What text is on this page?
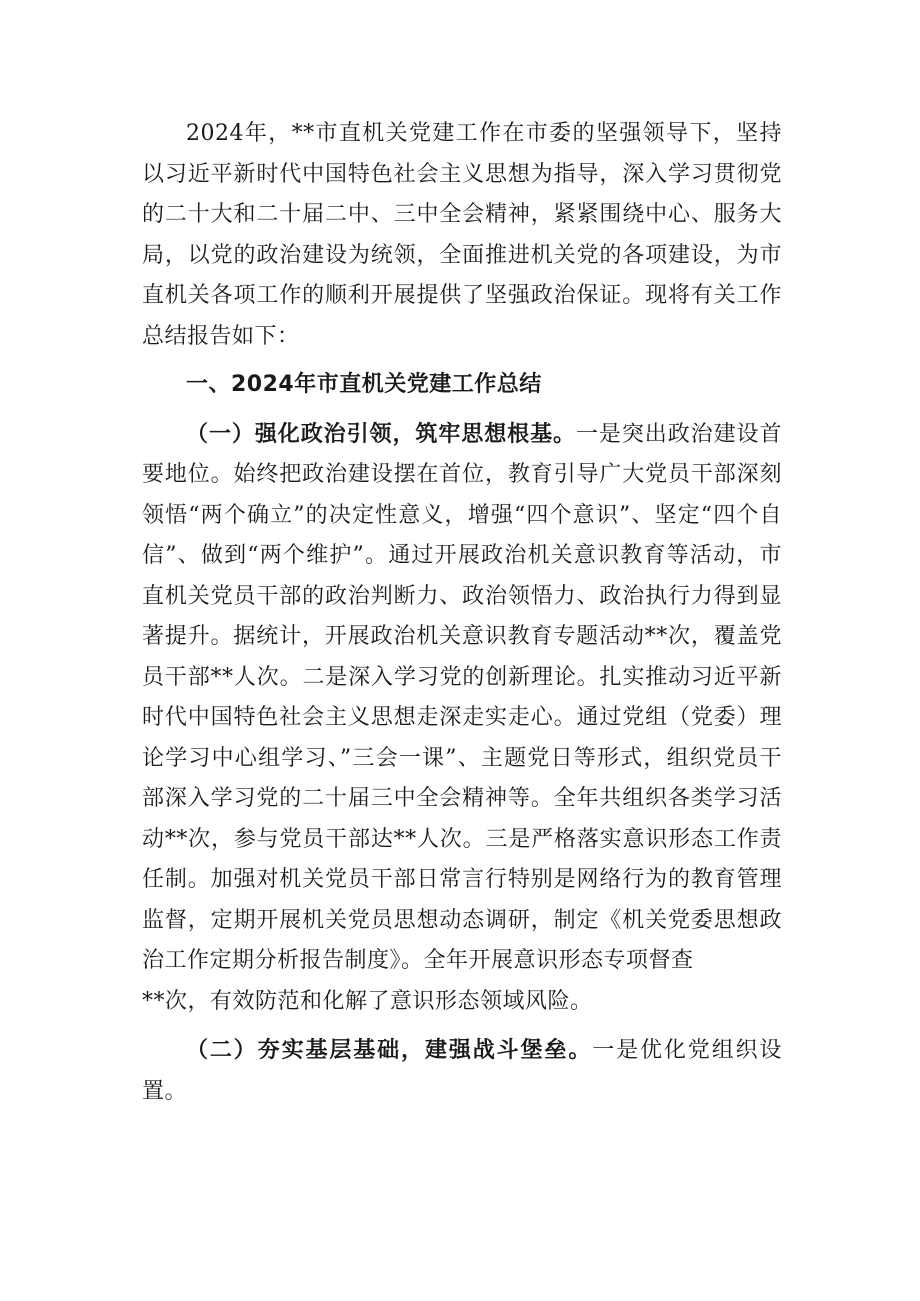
2024年，**市直机关党建工作在市委的坚强领导下，坚持以习近平新时代中国特色社会主义思想为指导，深入学习贯彻党的二十大和二十届二中、三中全会精神，紧紧围绕中心、服务大局，以党的政治建设为统领，全面推进机关党的各项建设，为市直机关各项工作的顺利开展提供了坚强政治保证。现将有关工作总结报告如下：

一、2024年市直机关党建工作总结

（一）强化政治引领，筑牢思想根基。一是突出政治建设首要地位。始终把政治建设摆在首位，教育引导广大党员干部深刻领悟“两个确立”的决定性意义，增强“四个意识”、坚定“四个自信”、做到“两个维护”。通过开展政治机关意识教育等活动，市直机关党员干部的政治判断力、政治领悟力、政治执行力得到显著提升。据统计，开展政治机关意识教育专题活动**次，覆盖党员干部**人次。二是深入学习党的创新理论。扎实推动习近平新时代中国特色社会主义思想走深走实走心。通过党组（党委）理论学习中心组学习、”三会一课”、主题党日等形式，组织党员干部深入学习党的二十届三中全会精神等。全年共组织各类学习活动**次，参与党员干部达**人次。三是严格落实意识形态工作责任制。加强对机关党员干部日常言行特别是网络行为的教育管理监督，定期开展机关党员思想动态调研，制定《机关党委思想政治工作定期分析报告制度》。全年开展意识形态专项督查

**次，有效防范和化解了意识形态领域风险。

（二）夯实基层基础，建强战斗堡垒。一是优化党组织设置。
